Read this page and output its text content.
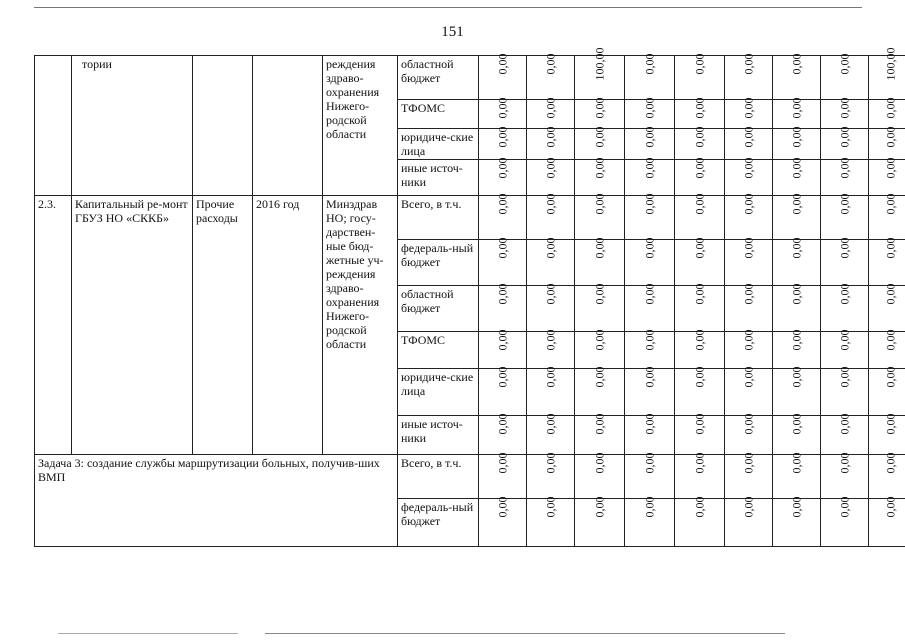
151
	тории			реждения здраво-охранения Нижего-родской области	областной бюджет	0,00	0,00	100,00	0,00	0,00	0,00	0,00	0,00	100,00
					ТФОМС	0,00	0,00	0,00	0,00	0,00	0,00	0,00	0,00	0,00
					юридиче-ские лица	0,00	0,00	0,00	0,00	0,00	0,00	0,00	0,00	0,00
					иные источ-ники	0,00	0,00	0,00	0,00	0,00	0,00	0,00	0,00	0,00
2.3.	Капитальный ре-монт ГБУЗ НО «СККБ»	Прочие расходы	2016 год	Минздрав НО; госу-дарствен-ные бюд-жетные уч-реждения здраво-охранения Нижего-родской области	Всего, в т.ч.	0,00	0,00	0,00	0,00	0,00	0,00	0,00	0,00	0,00
					федераль-ный бюджет	0,00	0,00	0,00	0,00	0,00	0,00	0,00	0,00	0,00
					областной бюджет	0,00	0,00	0,00	0,00	0,00	0,00	0,00	0,00	0,00
					ТФОМС	0,00	0,00	0,00	0,00	0,00	0,00	0,00	0,00	0,00
					юридиче-ские лица	0,00	0,00	0,00	0,00	0,00	0,00	0,00	0,00	0,00
					иные источ-ники	0,00	0,00	0,00	0,00	0,00	0,00	0,00	0,00	0,00
Задача 3: создание службы маршрутизации больных, получив-ших ВМП					Всего, в т.ч.	0,00	0,00	0,00	0,00	0,00	0,00	0,00	0,00	0,00
					федераль-ный бюджет	0,00	0,00	0,00	0,00	0,00	0,00	0,00	0,00	0,00
